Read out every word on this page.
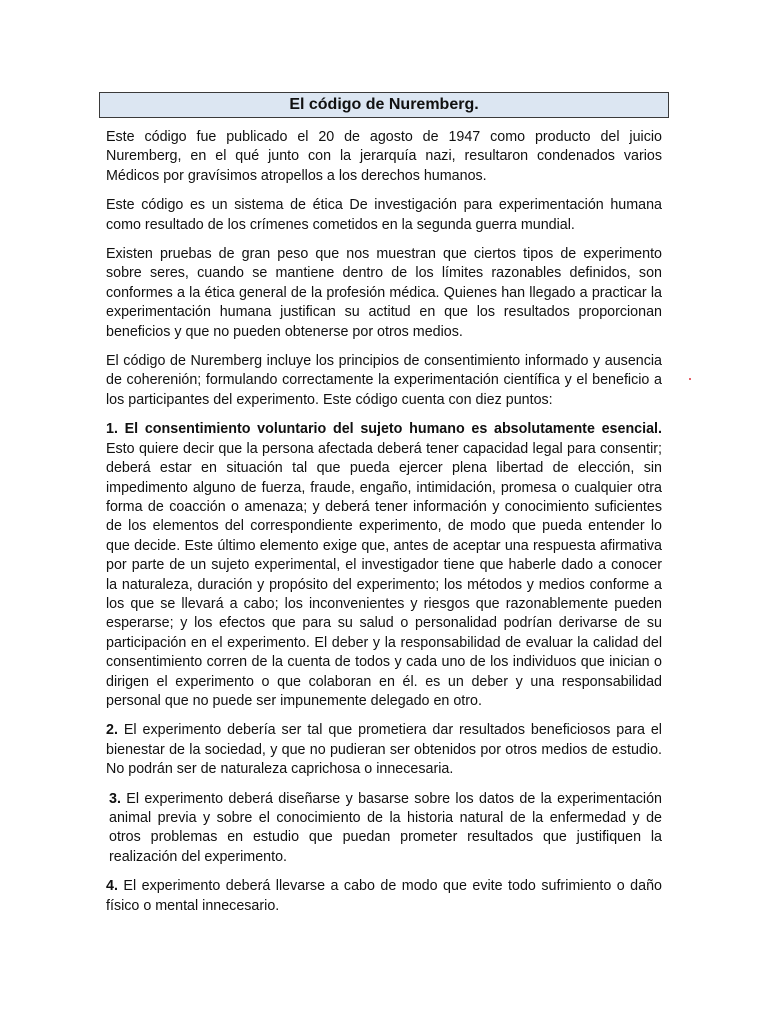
El código de Nuremberg.

Este código fue publicado el 20 de agosto de 1947 como producto del juicio Nuremberg, en el qué junto con la jerarquía nazi, resultaron condenados varios Médicos por gravísimos atropellos a los derechos humanos.

Este código es un sistema de ética De investigación para experimentación humana como resultado de los crímenes cometidos en la segunda guerra mundial.

Existen pruebas de gran peso que nos muestran que ciertos tipos de experimento sobre seres, cuando se mantiene dentro de los límites razonables definidos, son conformes a la ética general de la profesión médica. Quienes han llegado a practicar la experimentación humana justifican su actitud en que los resultados proporcionan beneficios y que no pueden obtenerse por otros medios.

El código de Nuremberg incluye los principios de consentimiento informado y ausencia de coherenión; formulando correctamente la experimentación científica y el beneficio a los participantes del experimento. Este código cuenta con diez puntos:

1. El consentimiento voluntario del sujeto humano es absolutamente esencial. Esto quiere decir que la persona afectada deberá tener capacidad legal para consentir; deberá estar en situación tal que pueda ejercer plena libertad de elección, sin impedimento alguno de fuerza, fraude, engaño, intimidación, promesa o cualquier otra forma de coacción o amenaza; y deberá tener información y conocimiento suficientes de los elementos del correspondiente experimento, de modo que pueda entender lo que decide. Este último elemento exige que, antes de aceptar una respuesta afirmativa por parte de un sujeto experimental, el investigador tiene que haberle dado a conocer la naturaleza, duración y propósito del experimento; los métodos y medios conforme a los que se llevará a cabo; los inconvenientes y riesgos que razonablemente pueden esperarse; y los efectos que para su salud o personalidad podrían derivarse de su participación en el experimento. El deber y la responsabilidad de evaluar la calidad del consentimiento corren de la cuenta de todos y cada uno de los individuos que inician o dirigen el experimento o que colaboran en él. es un deber y una responsabilidad personal que no puede ser impunemente delegado en otro.

2. El experimento debería ser tal que prometiera dar resultados beneficiosos para el bienestar de la sociedad, y que no pudieran ser obtenidos por otros medios de estudio. No podrán ser de naturaleza caprichosa o innecesaria.

3. El experimento deberá diseñarse y basarse sobre los datos de la experimentación animal previa y sobre el conocimiento de la historia natural de la enfermedad y de otros problemas en estudio que puedan prometer resultados que justifiquen la realización del experimento.

4. El experimento deberá llevarse a cabo de modo que evite todo sufrimiento o daño físico o mental innecesario.
